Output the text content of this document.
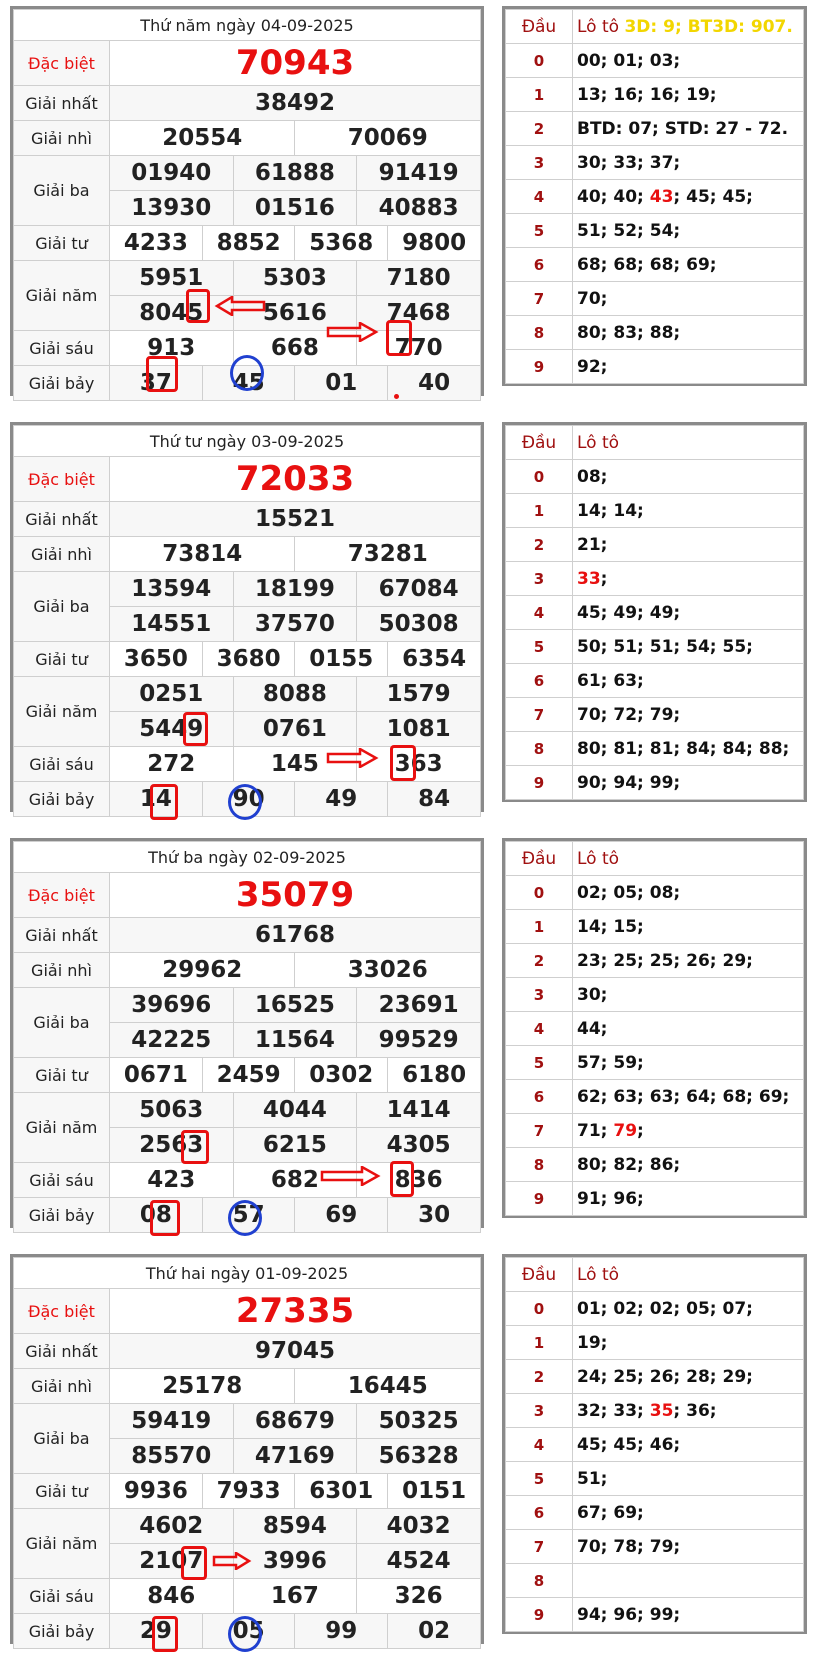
Thứ năm ngày 04-09-2025						
Đặc biệt	70943					
Giải nhất	38492					
Giải nhì	20554			70069		
Giải ba	01940		61888		91419	
	13930		01516		40883	
Giải tư	4233	8852		5368		9800
Giải năm	5951		5303		7180	
	8045		5616		7468	
Giải sáu	913		668		770	
Giải bảy	37	45		01		40
Đầu	Lô tô 3D: 9; BT3D: 907.
0	00; 01; 03;
1	13; 16; 16; 19;
2	BTD: 07; STD: 27 - 72.
3	30; 33; 37;
4	40; 40; 43; 45; 45;
5	51; 52; 54;
6	68; 68; 68; 69;
7	70;
8	80; 83; 88;
9	92;
Thứ tư ngày 03-09-2025						
Đặc biệt	72033					
Giải nhất	15521					
Giải nhì	73814			73281		
Giải ba	13594		18199		67084	
	14551		37570		50308	
Giải tư	3650	3680		0155		6354
Giải năm	0251		8088		1579	
	5449		0761		1081	
Giải sáu	272		145		363	
Giải bảy	14	90		49		84
Đầu	Lô tô
0	08;
1	14; 14;
2	21;
3	33;
4	45; 49; 49;
5	50; 51; 51; 54; 55;
6	61; 63;
7	70; 72; 79;
8	80; 81; 81; 84; 84; 88;
9	90; 94; 99;
Thứ ba ngày 02-09-2025						
Đặc biệt	35079					
Giải nhất	61768					
Giải nhì	29962			33026		
Giải ba	39696		16525		23691	
	42225		11564		99529	
Giải tư	0671	2459		0302		6180
Giải năm	5063		4044		1414	
	2563		6215		4305	
Giải sáu	423		682		836	
Giải bảy	08	57		69		30
Đầu	Lô tô
0	02; 05; 08;
1	14; 15;
2	23; 25; 25; 26; 29;
3	30;
4	44;
5	57; 59;
6	62; 63; 63; 64; 68; 69;
7	71; 79;
8	80; 82; 86;
9	91; 96;
Thứ hai ngày 01-09-2025						
Đặc biệt	27335					
Giải nhất	97045					
Giải nhì	25178			16445		
Giải ba	59419		68679		50325	
	85570		47169		56328	
Giải tư	9936	7933		6301		0151
Giải năm	4602		8594		4032	
	2107		3996		4524	
Giải sáu	846		167		326	
Giải bảy	29	05		99		02
Đầu	Lô tô
0	01; 02; 02; 05; 07;
1	19;
2	24; 25; 26; 28; 29;
3	32; 33; 35; 36;
4	45; 45; 46;
5	51;
6	67; 69;
7	70; 78; 79;
8	
9	94; 96; 99;
